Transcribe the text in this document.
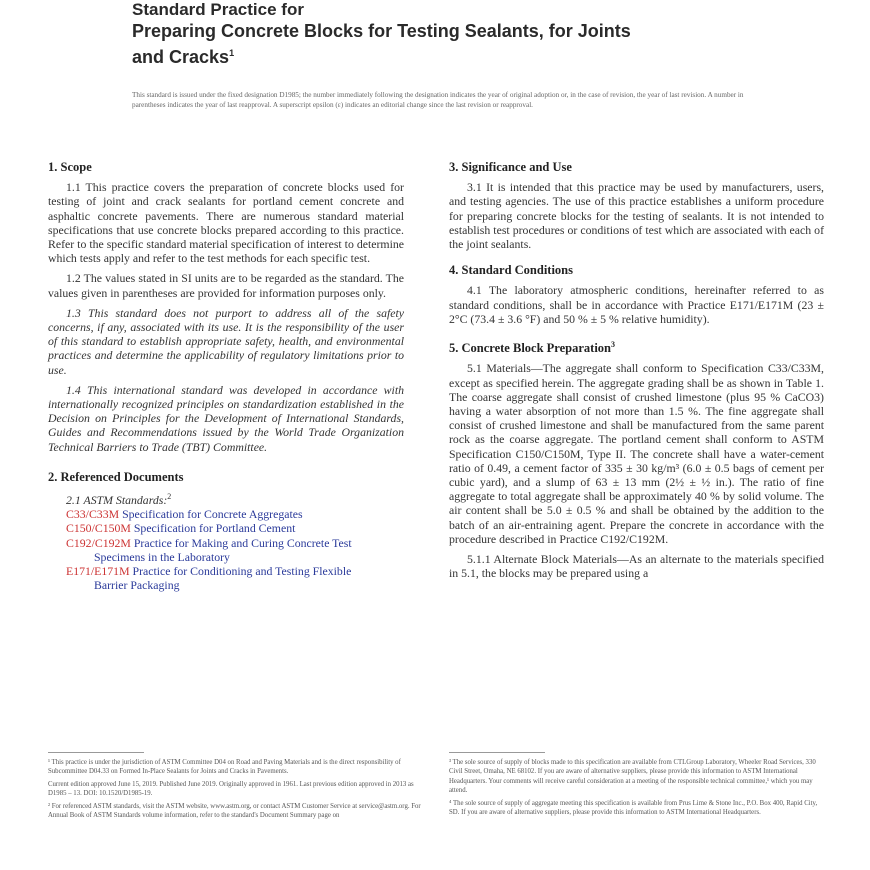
Standard Practice for
Preparing Concrete Blocks for Testing Sealants, for Joints
and Cracks$^1$
This standard is issued under the fixed designation D1985; the number immediately following the designation indicates the year of original adoption or, in the case of revision, the year of last revision. A number in parentheses indicates the year of last reapproval. A superscript epsilon (ε) indicates an editorial change since the last revision or reapproval.
1. Scope

1.1 This practice covers the preparation of concrete blocks used for testing of joint and crack sealants for portland cement concrete and asphaltic concrete pavements. There are numerous standard material specifications that use concrete blocks prepared according to this practice. Refer to the specific standard material specification of interest to determine which tests apply and refer to the test methods for each specific test.

1.2 The values stated in SI units are to be regarded as the standard. The values given in parentheses are provided for information purposes only.

1.3 This standard does not purport to address all of the safety concerns, if any, associated with its use. It is the responsibility of the user of this standard to establish appropriate safety, health, and environmental practices and determine the applicability of regulatory limitations prior to use.

1.4 This international standard was developed in accordance with internationally recognized principles on standardization established in the Decision on Principles for the Development of International Standards, Guides and Recommendations issued by the World Trade Organization Technical Barriers to Trade (TBT) Committee.

2. Referenced Documents
2.1 ASTM Standards:$^2$
C33/C33M Specification for Concrete Aggregates
C150/C150M Specification for Portland Cement
C192/C192M Practice for Making and Curing Concrete Test
Specimens in the Laboratory
E171/E171M Practice for Conditioning and Testing Flexible
Barrier Packaging
3. Significance and Use

3.1 It is intended that this practice may be used by manufacturers, users, and testing agencies. The use of this practice establishes a uniform procedure for preparing concrete blocks for the testing of sealants. It is not intended to establish test procedures or conditions of test which are associated with each of the joint sealants.

4. Standard Conditions

4.1 The laboratory atmospheric conditions, hereinafter referred to as standard conditions, shall be in accordance with Practice E171/E171M (23 ± 2°C (73.4 ± 3.6 °F) and 50 % ± 5 % relative humidity).

5. Concrete Block Preparation$^3$

5.1 Materials—The aggregate shall conform to Specification C33/C33M, except as specified herein. The aggregate grading shall be as shown in Table 1. The coarse aggregate shall consist of crushed limestone (plus 95 % CaCO3) having a water absorption of not more than 1.5 %. The fine aggregate shall consist of crushed limestone and shall be manufactured from the same parent rock as the coarse aggregate. The portland cement shall conform to ASTM Specification C150/C150M, Type II. The concrete shall have a water-cement ratio of 0.49, a cement factor of 335 ± 30 kg/m³ (6.0 ± 0.5 bags of cement per cubic yard), and a slump of 63 ± 13 mm (2½ ± ½ in.). The ratio of fine aggregate to total aggregate shall be approximately 40 % by solid volume. The air content shall be 5.0 ± 0.5 % and shall be obtained by the addition to the batch of an air-entraining agent. Prepare the concrete in accordance with the procedure described in Practice C192/C192M.

5.1.1 Alternate Block Materials—As an alternate to the materials specified in 5.1, the blocks may be prepared using a

¹ This practice is under the jurisdiction of ASTM Committee D04 on Road and Paving Materials and is the direct responsibility of Subcommittee D04.33 on Formed In-Place Sealants for Joints and Cracks in Pavements.
Current edition approved June 15, 2019. Published June 2019. Originally approved in 1961. Last previous edition approved in 2013 as D1985 – 13. DOI: 10.1520/D1985-19.
² For referenced ASTM standards, visit the ASTM website, www.astm.org, or contact ASTM Customer Service at service@astm.org. For Annual Book of ASTM Standards volume information, refer to the standard's Document Summary page on
³ The sole source of supply of blocks made to this specification are available from CTLGroup Laboratory, Wheeler Road Services, 330 Civil Street, Omaha, NE 68102. If you are aware of alternative suppliers, please provide this information to ASTM International Headquarters. Your comments will receive careful consideration at a meeting of the responsible technical committee,¹ which you may attend.
⁴ The sole source of supply of aggregate meeting this specification is available from Prus Lime & Stone Inc., P.O. Box 400, Rapid City, SD. If you are aware of alternative suppliers, please provide this information to ASTM International Headquarters.
